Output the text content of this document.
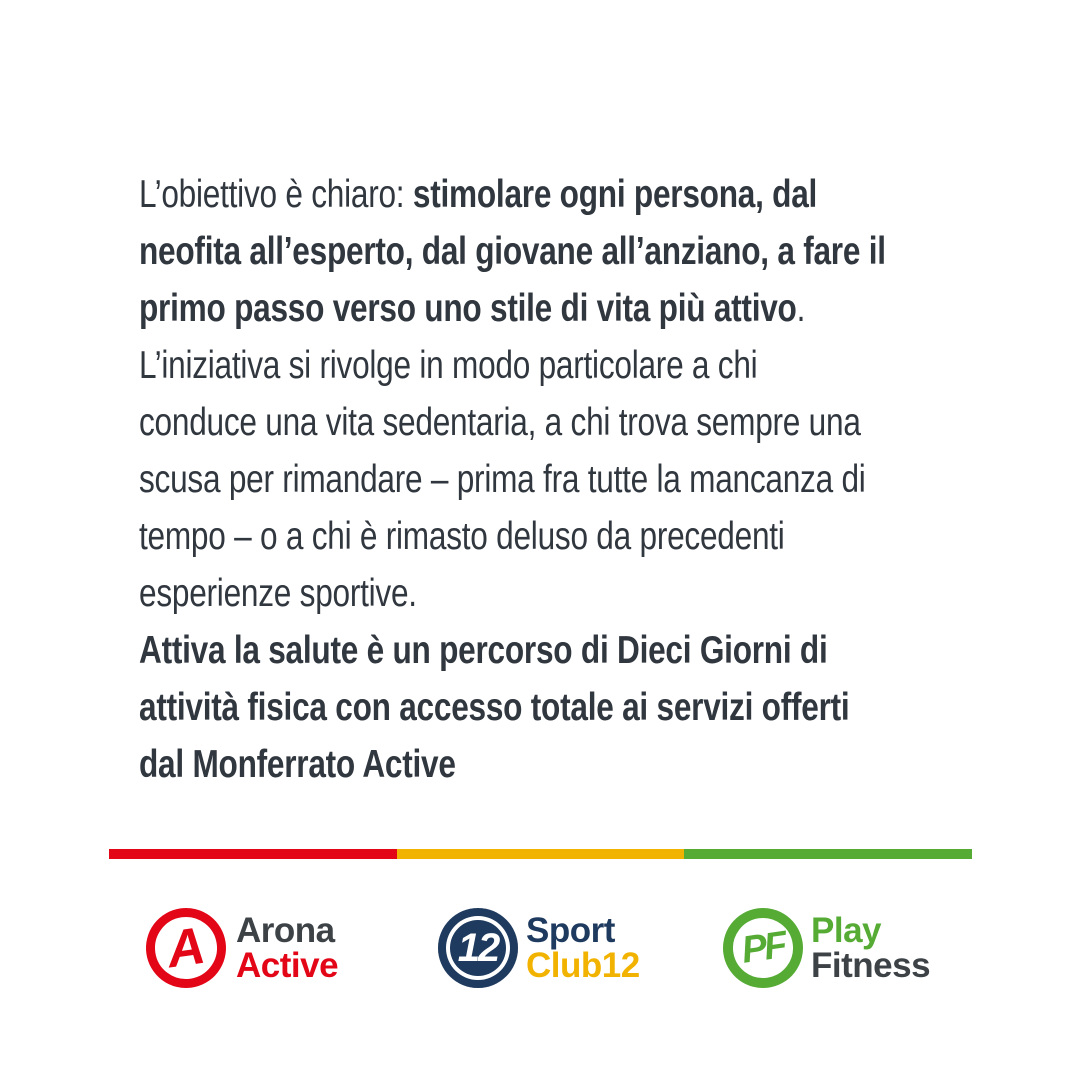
L’obiettivo è chiaro: stimolare ogni persona, dal
neofita all’esperto, dal giovane all’anziano, a fare il
primo passo verso uno stile di vita più attivo.
L’iniziativa si rivolge in modo particolare a chi
conduce una vita sedentaria, a chi trova sempre una
scusa per rimandare – prima fra tutte la mancanza di
tempo – o a chi è rimasto deluso da precedenti
esperienze sportive.
Attiva la salute è un percorso di Dieci Giorni di
attività fisica con accesso totale ai servizi offerti
dal Monferrato Active
A Arona
Active	12 Sport
Club12	PF Play
Fitness
